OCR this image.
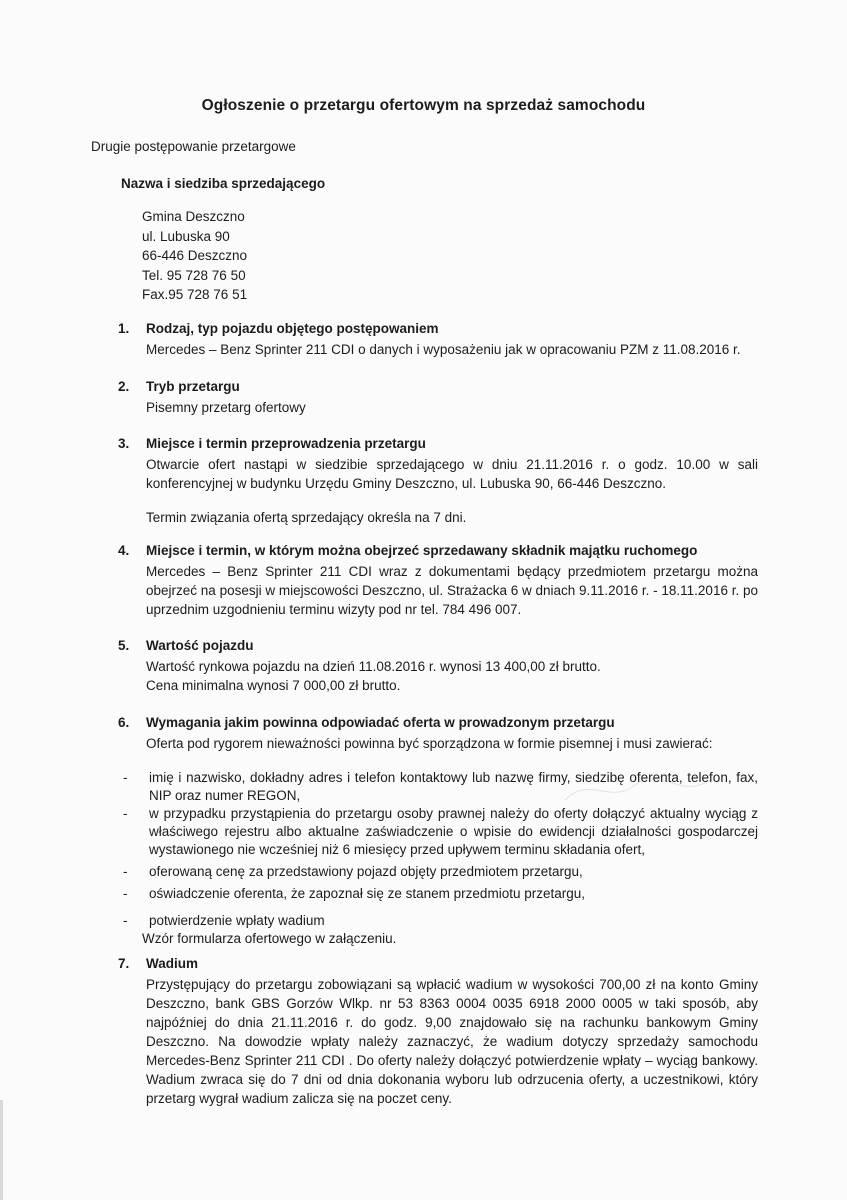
Ogłoszenie o przetargu ofertowym na sprzedaż samochodu
Drugie postępowanie przetargowe
Nazwa i siedziba sprzedającego
Gmina Deszczno
ul. Lubuska 90
66-446 Deszczno
Tel. 95 728 76 50
Fax.95 728 76 51
1. Rodzaj, typ pojazdu objętego postępowaniem

Mercedes – Benz Sprinter 211 CDI o danych i wyposażeniu jak w opracowaniu PZM z 11.08.2016 r.

2. Tryb przetargu

Pisemny przetarg ofertowy

3. Miejsce i termin przeprowadzenia przetargu

Otwarcie ofert nastąpi w siedzibie sprzedającego w dniu 21.11.2016 r. o godz. 10.00 w sali konferencyjnej w budynku Urzędu Gminy Deszczno, ul. Lubuska 90, 66-446 Deszczno.

Termin związania ofertą sprzedający określa na 7 dni.

4. Miejsce i termin, w którym można obejrzeć sprzedawany składnik majątku ruchomego

Mercedes – Benz Sprinter 211 CDI wraz z dokumentami będący przedmiotem przetargu można obejrzeć na posesji w miejscowości Deszczno, ul. Strażacka 6 w dniach 9.11.2016 r. - 18.11.2016 r. po uprzednim uzgodnieniu terminu wizyty pod nr tel. 784 496 007.

5. Wartość pojazdu

Wartość rynkowa pojazdu na dzień 11.08.2016 r. wynosi 13 400,00 zł brutto.

Cena minimalna wynosi 7 000,00 zł brutto.

6. Wymagania jakim powinna odpowiadać oferta w prowadzonym przetargu

Oferta pod rygorem nieważności powinna być sporządzona w formie pisemnej i musi zawierać:

- imię i nazwisko, dokładny adres i telefon kontaktowy lub nazwę firmy, siedzibę oferenta, telefon, fax, NIP oraz numer REGON,
- w przypadku przystąpienia do przetargu osoby prawnej należy do oferty dołączyć aktualny wyciąg z właściwego rejestru albo aktualne zaświadczenie o wpisie do ewidencji działalności gospodarczej wystawionego nie wcześniej niż 6 miesięcy przed upływem terminu składania ofert,
- oferowaną cenę za przedstawiony pojazd objęty przedmiotem przetargu,
- oświadczenie oferenta, że zapoznał się ze stanem przedmiotu przetargu,
- potwierdzenie wpłaty wadium
Wzór formularza ofertowego w załączeniu.
7. Wadium

Przystępujący do przetargu zobowiązani są wpłacić wadium w wysokości 700,00 zł na konto Gminy Deszczno, bank GBS Gorzów Wlkp. nr 53 8363 0004 0035 6918 2000 0005 w taki sposób, aby najpóźniej do dnia 21.11.2016 r. do godz. 9,00 znajdowało się na rachunku bankowym Gminy Deszczno. Na dowodzie wpłaty należy zaznaczyć, że wadium dotyczy sprzedaży samochodu Mercedes-Benz Sprinter 211 CDI . Do oferty należy dołączyć potwierdzenie wpłaty – wyciąg bankowy. Wadium zwraca się do 7 dni od dnia dokonania wyboru lub odrzucenia oferty, a uczestnikowi, który przetarg wygrał wadium zalicza się na poczet ceny.
